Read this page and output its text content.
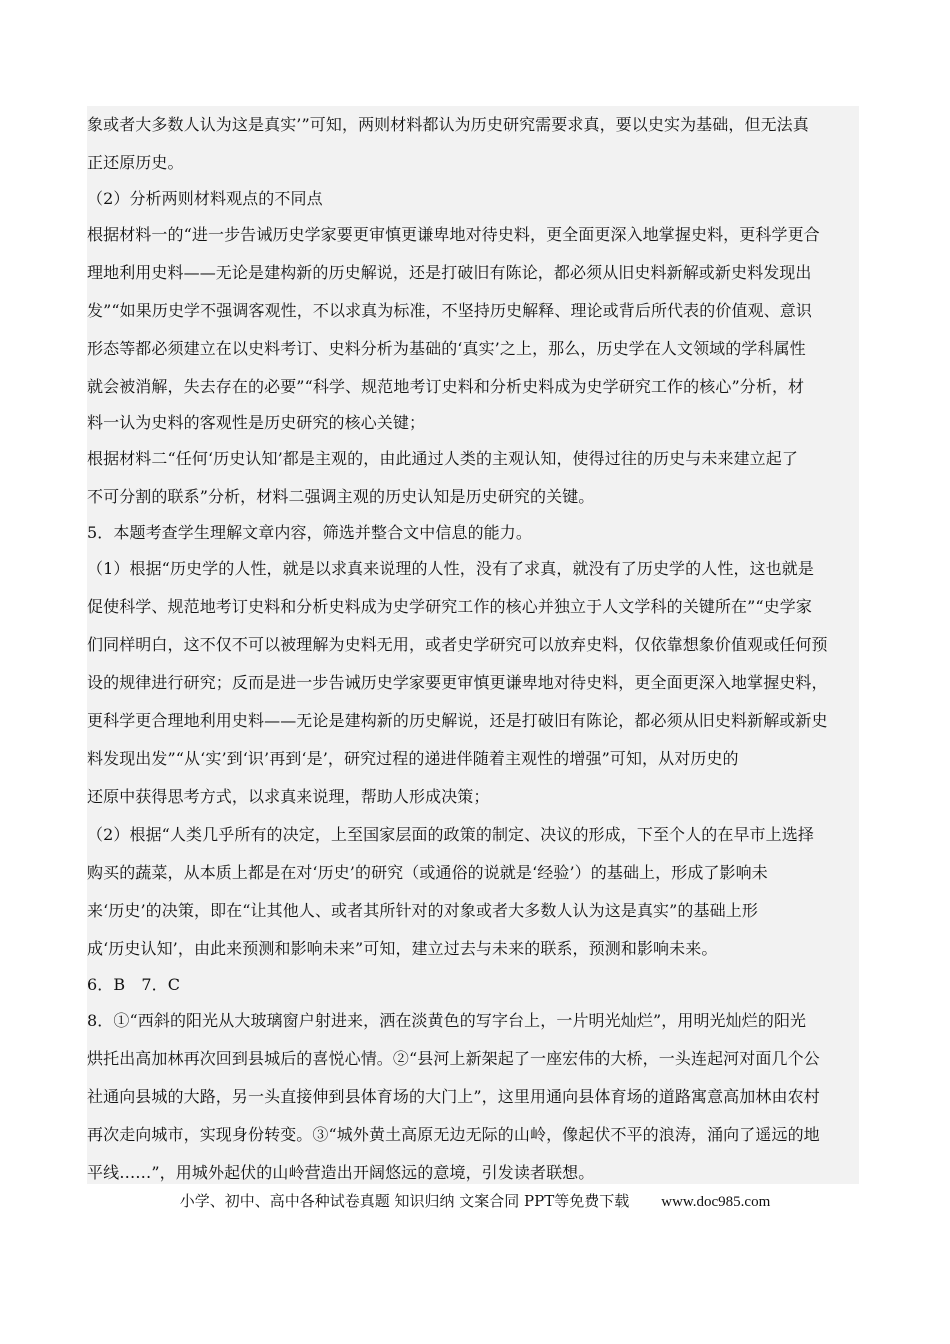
象或者大多数人认为这是真实’”可知，两则材料都认为历史研究需要求真，要以史实为基础，但无法真
正还原历史。
（2）分析两则材料观点的不同点
根据材料一的“进一步告诫历史学家要更审慎更谦卑地对待史料，更全面更深入地掌握史料，更科学更合
理地利用史料——无论是建构新的历史解说，还是打破旧有陈论，都必须从旧史料新解或新史料发现出
发”“如果历史学不强调客观性，不以求真为标准，不坚持历史解释、理论或背后所代表的价值观、意识
形态等都必须建立在以史料考订、史料分析为基础的‘真实’之上，那么，历史学在人文领域的学科属性
就会被消解，失去存在的必要”“科学、规范地考订史料和分析史料成为史学研究工作的核心”分析，材
料一认为史料的客观性是历史研究的核心关键；
根据材料二“任何‘历史认知’都是主观的，由此通过人类的主观认知，使得过往的历史与未来建立起了
不可分割的联系”分析，材料二强调主观的历史认知是历史研究的关键。
5．本题考查学生理解文章内容，筛选并整合文中信息的能力。
（1）根据“历史学的人性，就是以求真来说理的人性，没有了求真，就没有了历史学的人性，这也就是
促使科学、规范地考订史料和分析史料成为史学研究工作的核心并独立于人文学科的关键所在”“史学家
们同样明白，这不仅不可以被理解为史料无用，或者史学研究可以放弃史料，仅依靠想象价值观或任何预
设的规律进行研究；反而是进一步告诫历史学家要更审慎更谦卑地对待史料，更全面更深入地掌握史料，
更科学更合理地利用史料——无论是建构新的历史解说，还是打破旧有陈论，都必须从旧史料新解或新史
料发现出发”“从‘实’到‘识’再到‘是’，研究过程的递进伴随着主观性的增强”可知，从对历史的
还原中获得思考方式，以求真来说理，帮助人形成决策；
（2）根据“人类几乎所有的决定，上至国家层面的政策的制定、决议的形成，下至个人的在早市上选择
购买的蔬菜，从本质上都是在对‘历史’的研究（或通俗的说就是‘经验’）的基础上，形成了影响未
来‘历史’的决策，即在“让其他人、或者其所针对的对象或者大多数人认为这是真实”的基础上形
成‘历史认知’，由此来预测和影响未来”可知，建立过去与未来的联系，预测和影响未来。
6．B　7．C
8．①“西斜的阳光从大玻璃窗户射进来，洒在淡黄色的写字台上，一片明光灿烂”，用明光灿烂的阳光
烘托出高加林再次回到县城后的喜悦心情。②“县河上新架起了一座宏伟的大桥，一头连起河对面几个公
社通向县城的大路，另一头直接伸到县体育场的大门上”，这里用通向县体育场的道路寓意高加林由农村
再次走向城市，实现身份转变。③“城外黄土高原无边无际的山岭，像起伏不平的浪涛，涌向了遥远的地
平线……”，用城外起伏的山岭营造出开阔悠远的意境，引发读者联想。
小学、初中、高中各种试卷真题 知识归纳 文案合同 PPT等免费下载 www.doc985.com
